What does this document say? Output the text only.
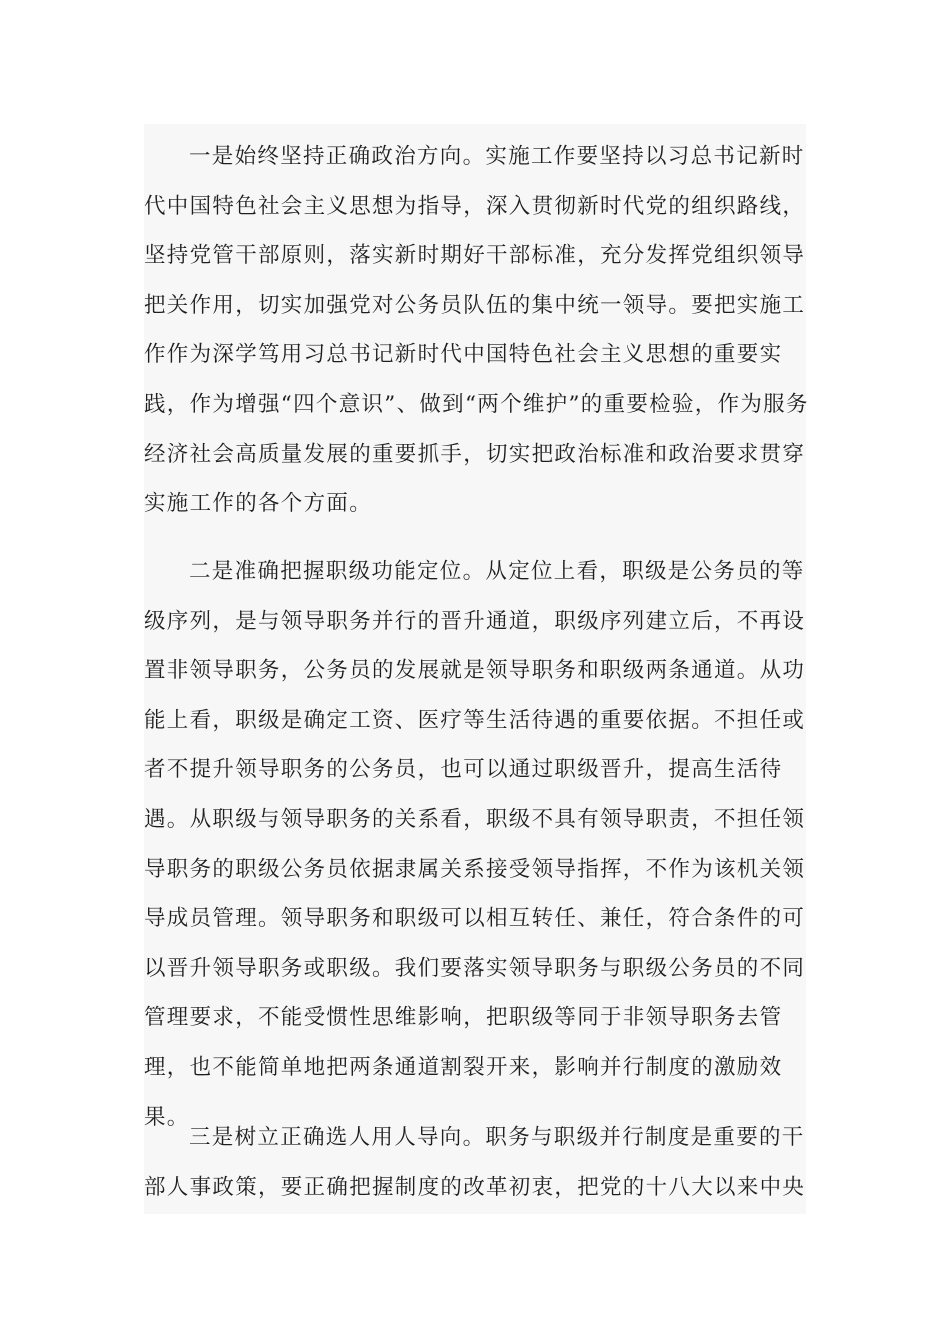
一是始终坚持正确政治方向。实施工作要坚持以习总书记新时代中国特色社会主义思想为指导，深入贯彻新时代党的组织路线，坚持党管干部原则，落实新时期好干部标准，充分发挥党组织领导把关作用，切实加强党对公务员队伍的集中统一领导。要把实施工作作为深学笃用习总书记新时代中国特色社会主义思想的重要实践，作为增强“四个意识”、做到“两个维护”的重要检验，作为服务经济社会高质量发展的重要抓手，切实把政治标准和政治要求贯穿实施工作的各个方面。

二是准确把握职级功能定位。从定位上看，职级是公务员的等级序列，是与领导职务并行的晋升通道，职级序列建立后，不再设置非领导职务，公务员的发展就是领导职务和职级两条通道。从功能上看，职级是确定工资、医疗等生活待遇的重要依据。不担任或者不提升领导职务的公务员，也可以通过职级晋升，提高生活待遇。从职级与领导职务的关系看，职级不具有领导职责，不担任领导职务的职级公务员依据隶属关系接受领导指挥，不作为该机关领导成员管理。领导职务和职级可以相互转任、兼任，符合条件的可以晋升领导职务或职级。我们要落实领导职务与职级公务员的不同管理要求，不能受惯性思维影响，把职级等同于非领导职务去管理，也不能简单地把两条通道割裂开来，影响并行制度的激励效果。

三是树立正确选人用人导向。职务与职级并行制度是重要的干部人事政策，要正确把握制度的改革初衷，把党的十八大以来中央
